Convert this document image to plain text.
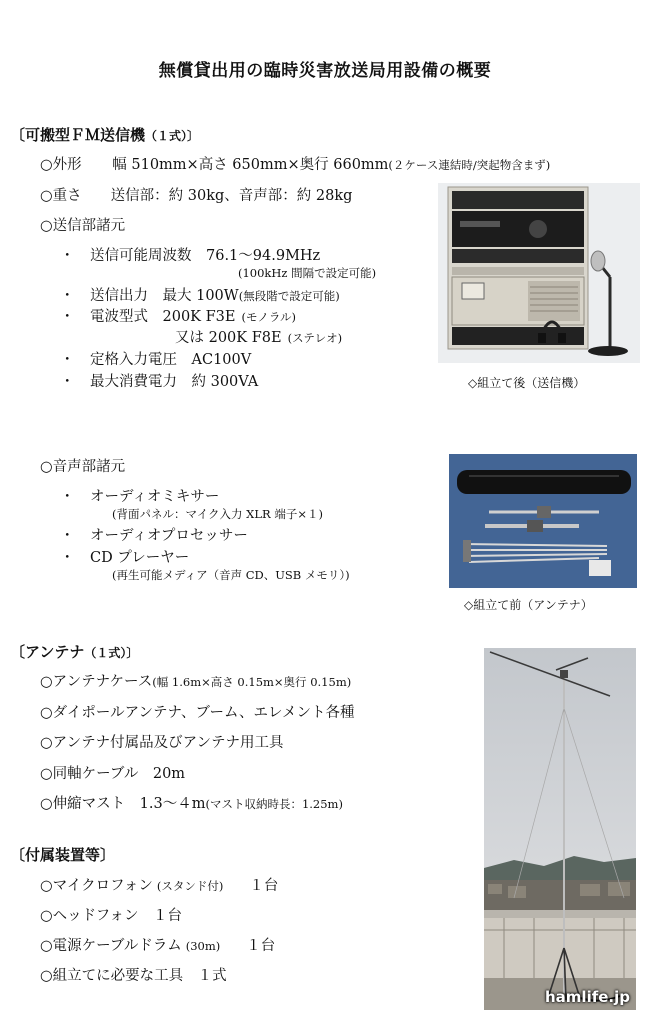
無償貸出用の臨時災害放送局用設備の概要
〔可搬型ＦＭ送信機（１式）〕
○外形 幅 510mm×高さ 650mm×奥行 660mm(２ケース連結時/突起物含まず)
○重さ　　送信部：約 30kg、音声部：約 28kg
○送信部諸元
・ 送信可能周波数　76.1〜94.9MHz
(100kHz 間隔で設定可能)
・ 送信出力　最大 100W(無段階で設定可能)
・ 電波型式　200K F3E (モノラル)
又は 200K F8E (ステレオ)
・ 定格入力電圧　AC100V
・ 最大消費電力　約 300VA	◇組立て後（送信機）
○音声部諸元
・ オーディオミキサー
(背面パネル：マイク入力 XLR 端子×１)
・ オーディオプロセッサー
・ CD プレーヤー
(再生可能メディア（音声 CD、USB メモリ）)
◇組立て前（アンテナ）
〔アンテナ（１式）〕
○アンテナケース(幅 1.6m×高さ 0.15m×奥行 0.15m)
○ダイポールアンテナ、ブーム、エレメント各種
○アンテナ付属品及びアンテナ用工具
○同軸ケーブル　20m
○伸縮マスト　1.3〜４m(マスト収納時長：1.25m)
〔付属装置等〕
○マイクロフォン (スタンド付) １台
○ヘッドフォン　１台
○電源ケーブルドラム (30m) １台
○組立てに必要な工具　１式
hamlife.jp
